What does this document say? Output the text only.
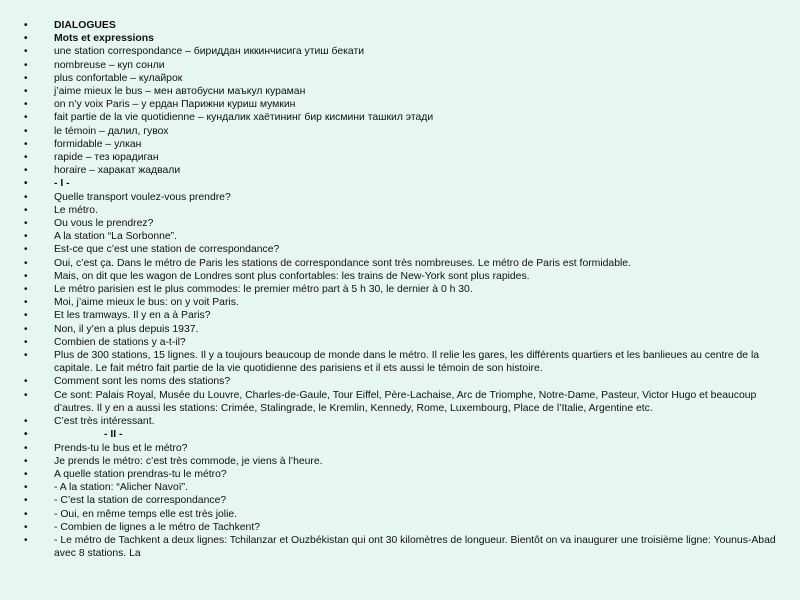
•	DIALOGUES
•	Mots et expressions
•	une station correspondance – бириддан иккинчисига утиш бекати
•	nombreuse – куп сонли
•	plus confortable – кулайрок
•	j’aime mieux le bus – мен автобусни маъкул кураман
•	on n’y voix Paris – у ердан Парижни куриш мумкин
•	fait partie de la vie quotidienne – кундалик хаётининг бир кисмини ташкил этади
•	le témoin – далил, гувох
•	formidable – улкан
•	rapide – тез юрадиган
•	horaire – харакат жадвали
•	- I -
•	Quelle transport voulez-vous prendre?
•	Le métro.
•	Ou vous le prendrez?
•	A la station “La Sorbonne”.
•	Est-ce que c’est une station de correspondance?
•	Oui, c’est ça. Dans le métro de Paris les stations de correspondance sont très nombreuses. Le métro de Paris est formidable.
•	Mais, on dit que les wagon de Londres sont plus confortables: les trains de New-York sont plus rapides.
•	Le métro parisien est le plus commodes: le premier métro part à 5 h 30, le dernier à 0 h 30.
•	Moi, j’aime mieux le bus: on y voit Paris.
•	Et les tramways. Il y en a à Paris?
•	Non, il y’en a plus depuis 1937.
•	Combien de stations y a-t-il?
•	Plus de 300 stations, 15 lignes. Il y a toujours beaucoup de monde dans le métro. Il relie les gares, les différents quartiers et les banlieues au centre de la capitale. Le fait métro fait partie de la vie quotidienne des parisiens et il ets aussi le témoin de son histoire.
•	Comment sont les noms des stations?
•	Ce sont: Palais Royal, Musée du Louvre, Charles-de-Gaule, Tour Eiffel, Père-Lachaise, Arc de Triomphe, Notre-Dame, Pasteur, Victor Hugo et beaucoup d’autres. Il y en a aussi les stations: Crimée, Stalingrade, le Kremlin, Kennedy, Rome, Luxembourg, Place de l’Italie, Argentine etc.
•	C’est très intéressant.
•	- II -
•	Prends-tu le bus et le métro?
•	Je prends le métro: c’est très commode, je viens à l’heure.
•	A quelle station prendras-tu le métro?
•	- A la station: “Alicher Navoï”.
•	- C’est la station de correspondance?
•	- Oui, en même temps elle est très jolie.
•	- Combien de lignes a le métro de Tachkent?
•	- Le métro de Tachkent a deux lignes: Tchilanzar et Ouzbékistan qui ont 30 kilomètres de longueur. Bientôt on va inaugurer une troisième ligne: Younus-Abad avec 8 stations. La
